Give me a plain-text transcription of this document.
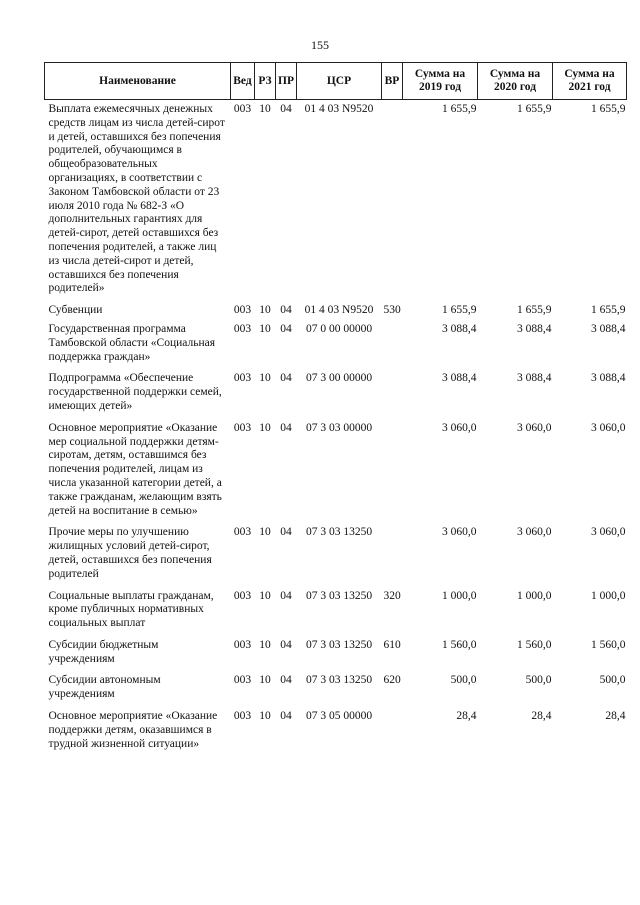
155
Наименование	Вед	РЗ	ПР	ЦСР	ВР	Сумма на 2019 год	Сумма на 2020 год	Сумма на 2021 год
Выплата ежемесячных денежных средств лицам из числа детей-сирот и детей, оставшихся без попечения родителей, обучающимся в общеобразовательных организациях, в соответствии с Законом Тамбовской области от 23 июля 2010 года № 682-З «О дополнительных гарантиях для детей-сирот, детей оставшихся без попечения родителей, а также лиц из числа детей-сирот и детей, оставшихся без попечения родителей»	003	10	04	01 4 03 N9520		1 655,9	1 655,9	1 655,9
Субвенции	003	10	04	01 4 03 N9520	530	1 655,9	1 655,9	1 655,9
Государственная программа Тамбовской области «Социальная поддержка граждан»	003	10	04	07 0 00 00000		3 088,4	3 088,4	3 088,4
Подпрограмма «Обеспечение государственной поддержки семей, имеющих детей»	003	10	04	07 3 00 00000		3 088,4	3 088,4	3 088,4
Основное мероприятие «Оказание мер социальной поддержки детям-сиротам, детям, оставшимся без попечения родителей, лицам из числа указанной категории детей, а также гражданам, желающим взять детей на воспитание в семью»	003	10	04	07 3 03 00000		3 060,0	3 060,0	3 060,0
Прочие меры по улучшению жилищных условий детей-сирот, детей, оставшихся без попечения родителей	003	10	04	07 3 03 13250		3 060,0	3 060,0	3 060,0
Социальные выплаты гражданам, кроме публичных нормативных социальных выплат	003	10	04	07 3 03 13250	320	1 000,0	1 000,0	1 000,0
Субсидии бюджетным учреждениям	003	10	04	07 3 03 13250	610	1 560,0	1 560,0	1 560,0
Субсидии автономным учреждениям	003	10	04	07 3 03 13250	620	500,0	500,0	500,0
Основное мероприятие «Оказание поддержки детям, оказавшимся в трудной жизненной ситуации»	003	10	04	07 3 05 00000		28,4	28,4	28,4
